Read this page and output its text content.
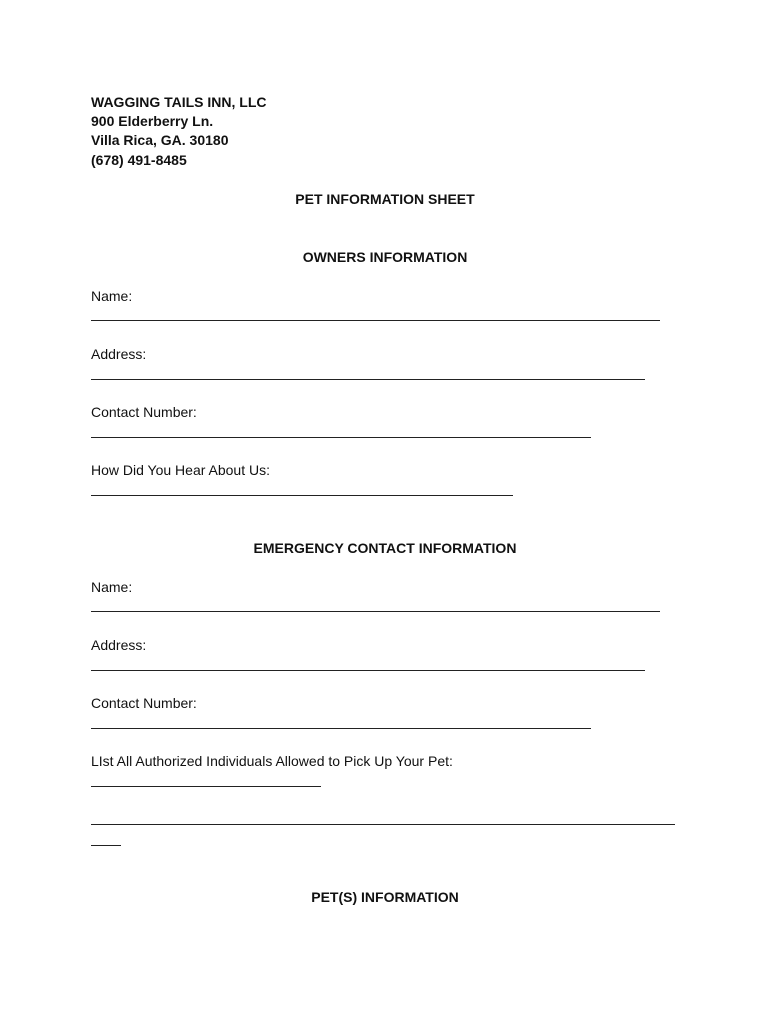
WAGGING TAILS INN, LLC
900 Elderberry Ln.
Villa Rica, GA. 30180
(678) 491-8485
PET INFORMATION SHEET
OWNERS INFORMATION
Name:
Address:
Contact Number:
How Did You Hear About Us:
EMERGENCY CONTACT INFORMATION
Name:
Address:
Contact Number:
LIst All Authorized Individuals Allowed to Pick Up Your Pet:
PET(S) INFORMATION
